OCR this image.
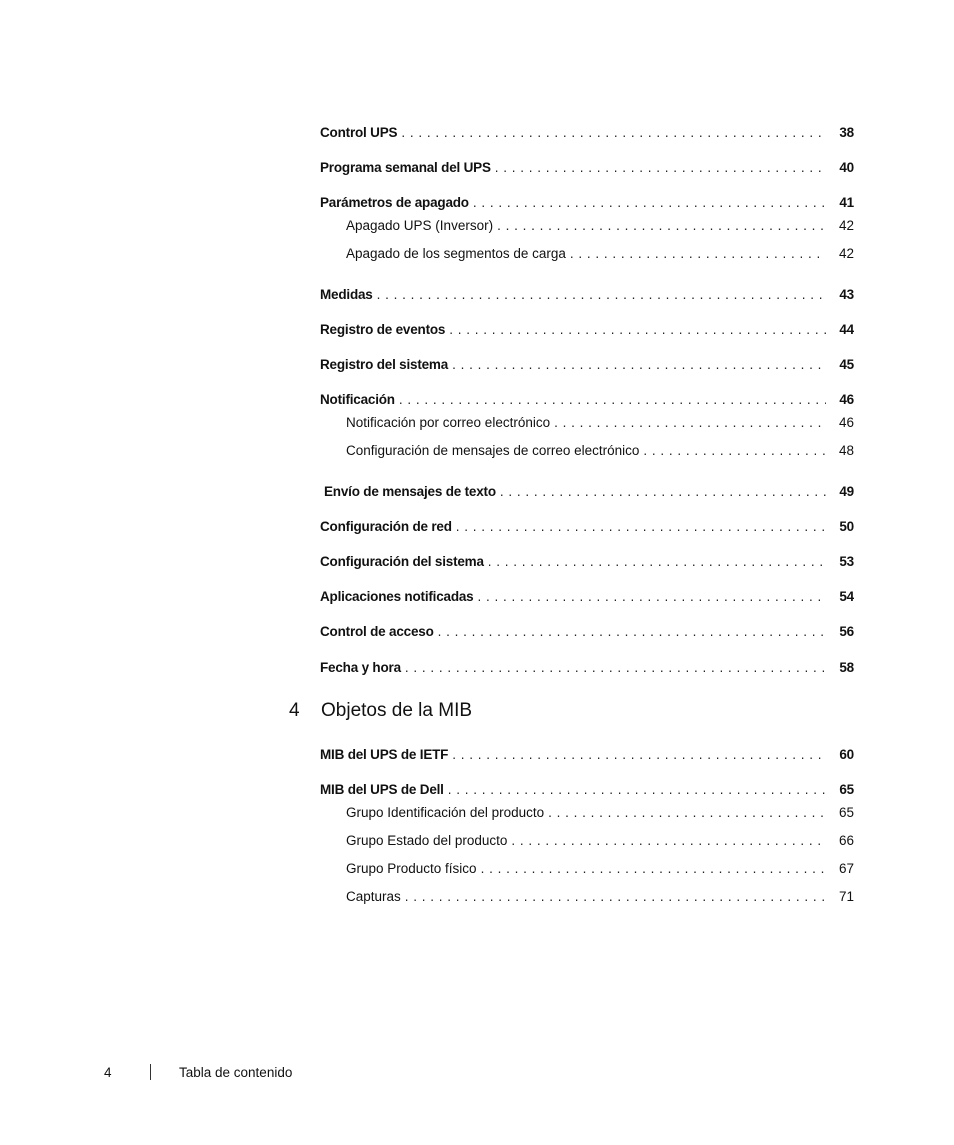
Control UPS . . .	38
Programa semanal del UPS . . .	40
Parámetros de apagado . . .	41
Apagado UPS (Inversor) . . .	42
Apagado de los segmentos de carga . . .	42
Medidas . . .	43
Registro de eventos . . .	44
Registro del sistema . . .	45
Notificación . . .	46
Notificación por correo electrónico . . .	46
Configuración de mensajes de correo electrónico . . .	48
Envío de mensajes de texto . . .	49
Configuración de red . . .	50
Configuración del sistema . . .	53
Aplicaciones notificadas . . .	54
Control de acceso . . .	56
Fecha y hora . . .	58
4	Objetos de la MIB
MIB del UPS de IETF . . .	60
MIB del UPS de Dell . . .	65
Grupo Identificación del producto . . .	65
Grupo Estado del producto . . .	66
Grupo Producto físico . . .	67
Capturas . . .	71
4	Tabla de contenido
